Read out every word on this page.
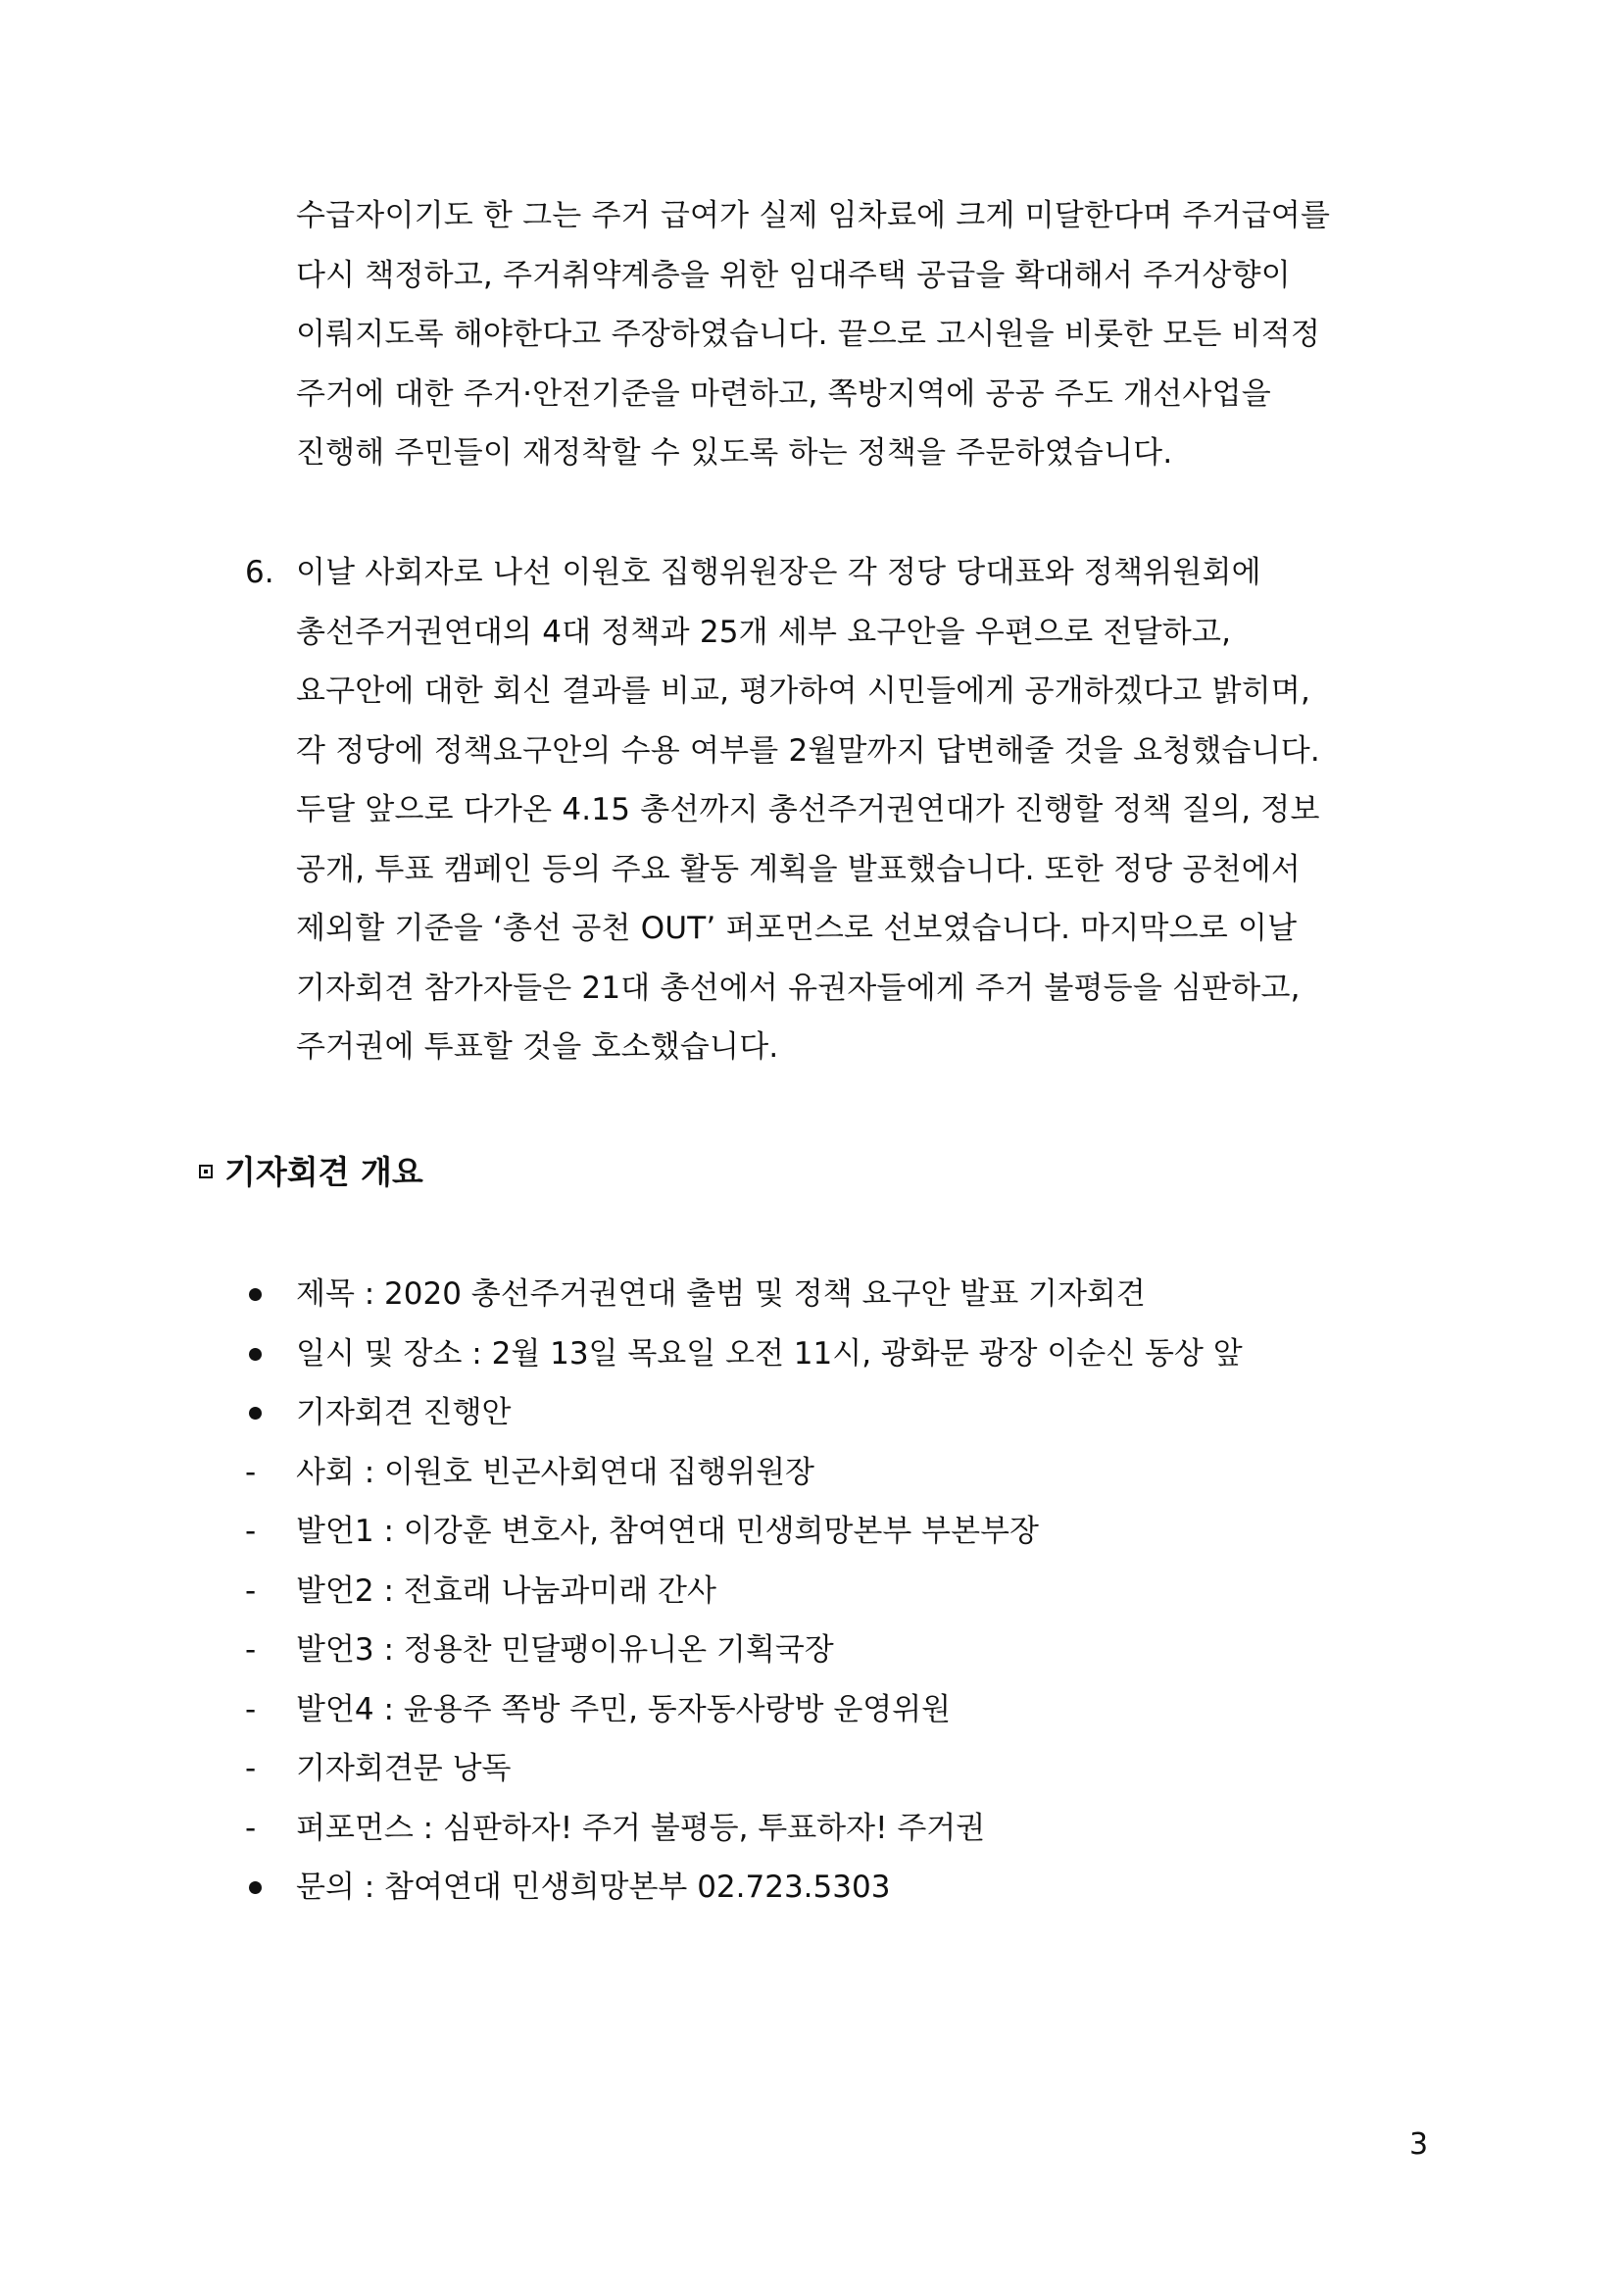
수급자이기도 한 그는 주거 급여가 실제 임차료에 크게 미달한다며 주거급여를
다시 책정하고, 주거취약계층을 위한 임대주택 공급을 확대해서 주거상향이
이뤄지도록 해야한다고 주장하였습니다. 끝으로 고시원을 비롯한 모든 비적정
주거에 대한 주거·안전기준을 마련하고, 쪽방지역에 공공 주도 개선사업을
진행해 주민들이 재정착할 수 있도록 하는 정책을 주문하였습니다.
6. 이날 사회자로 나선 이원호 집행위원장은 각 정당 당대표와 정책위원회에
총선주거권연대의 4대 정책과 25개 세부 요구안을 우편으로 전달하고,
요구안에 대한 회신 결과를 비교, 평가하여 시민들에게 공개하겠다고 밝히며,
각 정당에 정책요구안의 수용 여부를 2월말까지 답변해줄 것을 요청했습니다.
두달 앞으로 다가온 4.15 총선까지 총선주거권연대가 진행할 정책 질의, 정보
공개, 투표 캠페인 등의 주요 활동 계획을 발표했습니다. 또한 정당 공천에서
제외할 기준을 ‘총선 공천 OUT’ 퍼포먼스로 선보였습니다. 마지막으로 이날
기자회견 참가자들은 21대 총선에서 유권자들에게 주거 불평등을 심판하고,
주거권에 투표할 것을 호소했습니다.
기자회견 개요
제목 : 2020 총선주거권연대 출범 및 정책 요구안 발표 기자회견
일시 및 장소 : 2월 13일 목요일 오전 11시, 광화문 광장 이순신 동상 앞
기자회견 진행안
-	사회 : 이원호 빈곤사회연대 집행위원장
-	발언1 : 이강훈 변호사, 참여연대 민생희망본부 부본부장
-	발언2 : 전효래 나눔과미래 간사
-	발언3 : 정용찬 민달팽이유니온 기획국장
-	발언4 : 윤용주 쪽방 주민, 동자동사랑방 운영위원
-	기자회견문 낭독
-	퍼포먼스 : 심판하자! 주거 불평등, 투표하자! 주거권
문의 : 참여연대 민생희망본부 02.723.5303
3
